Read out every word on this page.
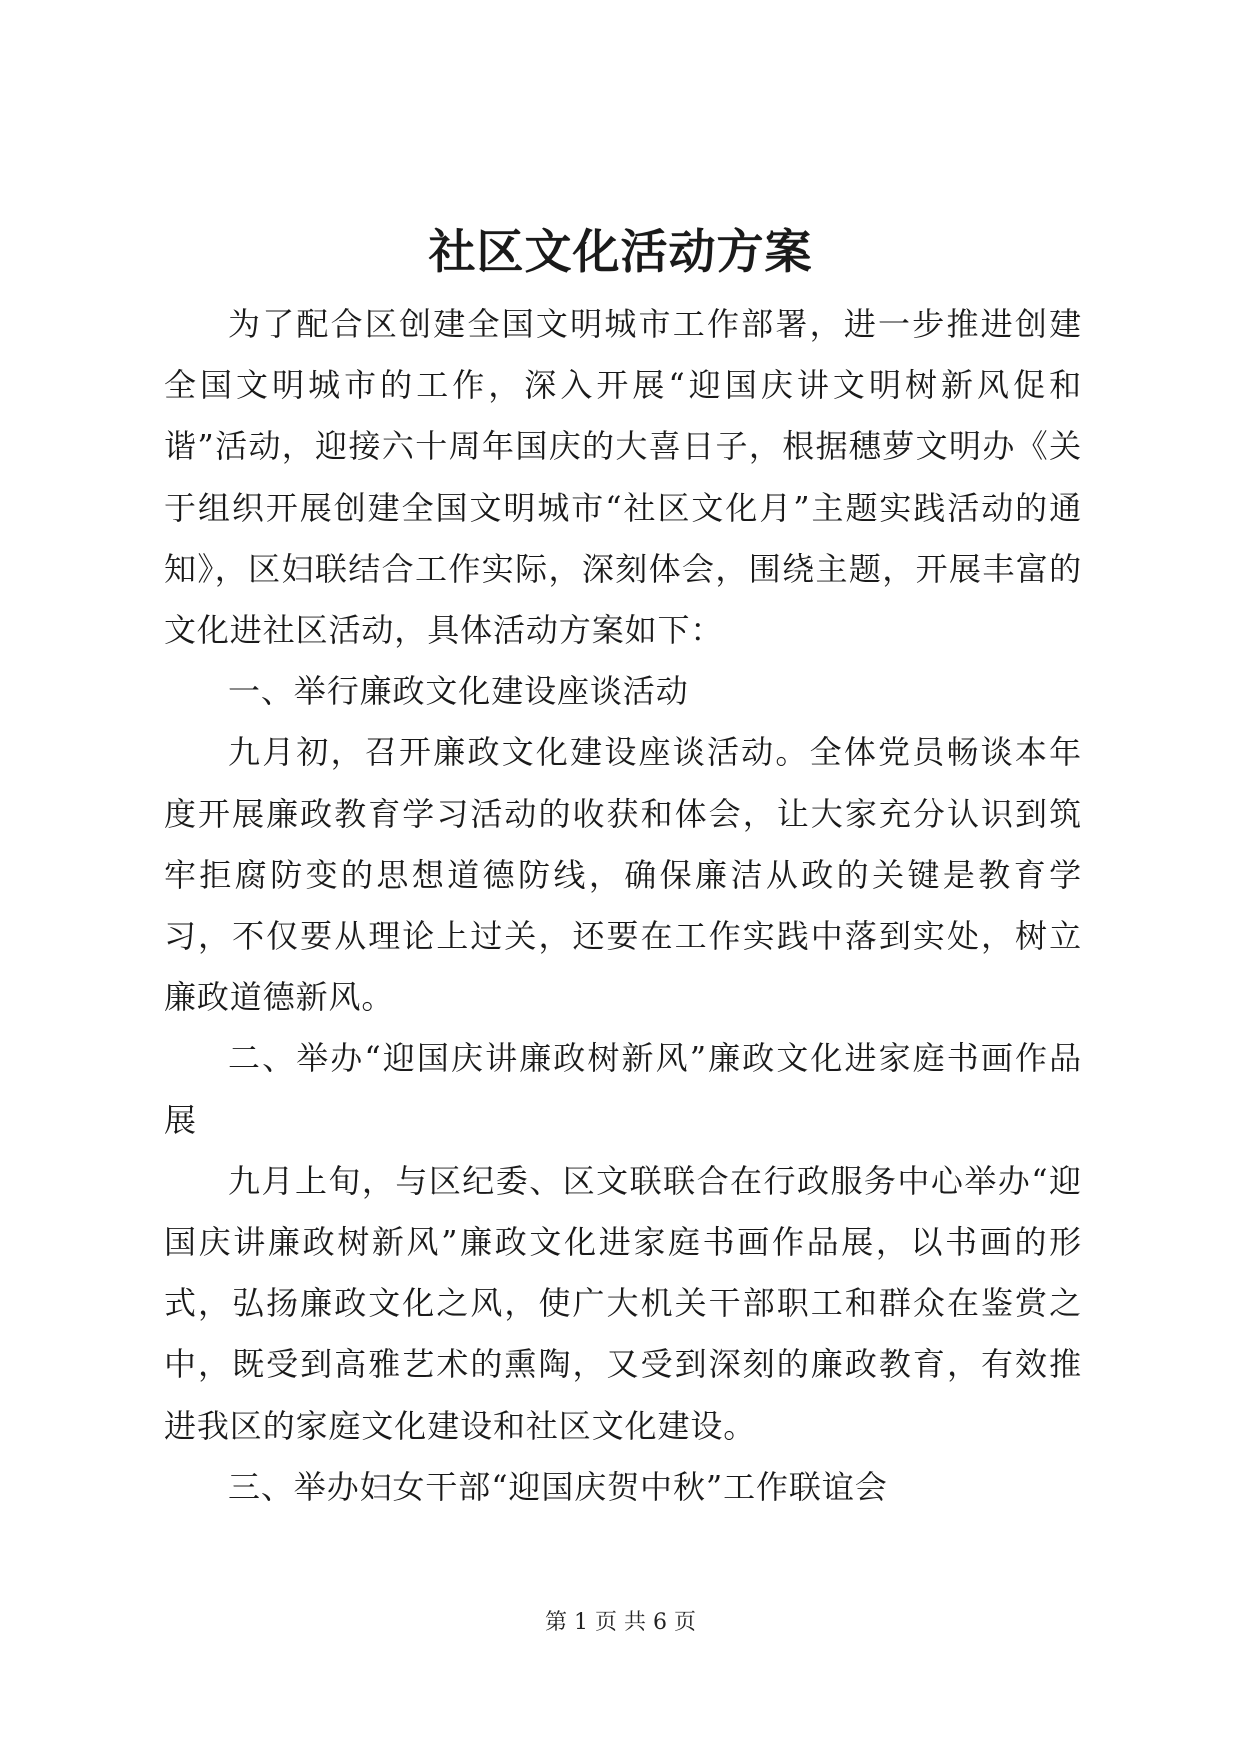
社区文化活动方案

为了配合区创建全国文明城市工作部署，进一步推进创建全国文明城市的工作，深入开展“迎国庆讲文明树新风促和谐”活动，迎接六十周年国庆的大喜日子，根据穗萝文明办《关于组织开展创建全国文明城市“社区文化月”主题实践活动的通知》，区妇联结合工作实际，深刻体会，围绕主题，开展丰富的文化进社区活动，具体活动方案如下：

一、举行廉政文化建设座谈活动

九月初，召开廉政文化建设座谈活动。全体党员畅谈本年度开展廉政教育学习活动的收获和体会，让大家充分认识到筑牢拒腐防变的思想道德防线，确保廉洁从政的关键是教育学习，不仅要从理论上过关，还要在工作实践中落到实处，树立廉政道德新风。

二、举办“迎国庆讲廉政树新风”廉政文化进家庭书画作品展

九月上旬，与区纪委、区文联联合在行政服务中心举办“迎国庆讲廉政树新风”廉政文化进家庭书画作品展，以书画的形式，弘扬廉政文化之风，使广大机关干部职工和群众在鉴赏之中，既受到高雅艺术的熏陶，又受到深刻的廉政教育，有效推进我区的家庭文化建设和社区文化建设。

三、举办妇女干部“迎国庆贺中秋”工作联谊会

第 1 页 共 6 页
